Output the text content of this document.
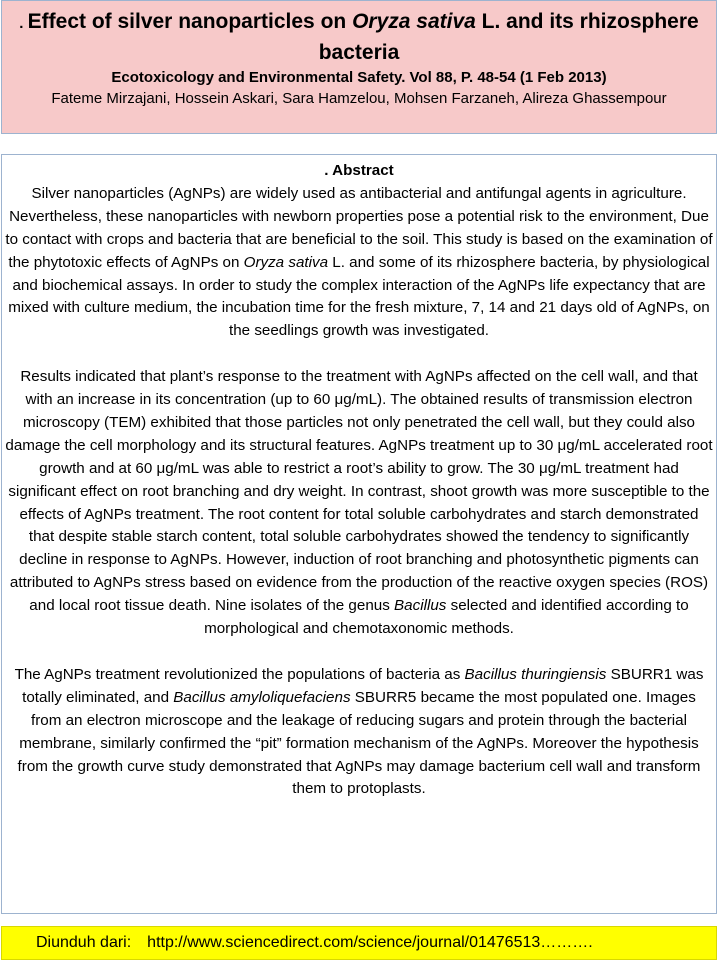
. Effect of silver nanoparticles on Oryza sativa L. and its rhizosphere bacteria
Ecotoxicology and Environmental Safety. Vol 88, P. 48-54 (1 Feb 2013)
Fateme Mirzajani, Hossein Askari, Sara Hamzelou, Mohsen Farzaneh, Alireza Ghassempour

. Abstract

Silver nanoparticles (AgNPs) are widely used as antibacterial and antifungal agents in agriculture. Nevertheless, these nanoparticles with newborn properties pose a potential risk to the environment, Due to contact with crops and bacteria that are beneficial to the soil. This study is based on the examination of the phytotoxic effects of AgNPs on Oryza sativa L. and some of its rhizosphere bacteria, by physiological and biochemical assays. In order to study the complex interaction of the AgNPs life expectancy that are mixed with culture medium, the incubation time for the fresh mixture, 7, 14 and 21 days old of AgNPs, on the seedlings growth was investigated.

Results indicated that plant’s response to the treatment with AgNPs affected on the cell wall, and that with an increase in its concentration (up to 60 μg/mL). The obtained results of transmission electron microscopy (TEM) exhibited that those particles not only penetrated the cell wall, but they could also damage the cell morphology and its structural features. AgNPs treatment up to 30 μg/mL accelerated root growth and at 60 μg/mL was able to restrict a root’s ability to grow. The 30 μg/mL treatment had significant effect on root branching and dry weight. In contrast, shoot growth was more susceptible to the effects of AgNPs treatment. The root content for total soluble carbohydrates and starch demonstrated that despite stable starch content, total soluble carbohydrates showed the tendency to significantly decline in response to AgNPs. However, induction of root branching and photosynthetic pigments can attributed to AgNPs stress based on evidence from the production of the reactive oxygen species (ROS) and local root tissue death. Nine isolates of the genus Bacillus selected and identified according to morphological and chemotaxonomic methods.

The AgNPs treatment revolutionized the populations of bacteria as Bacillus thuringiensis SBURR1 was totally eliminated, and Bacillus amyloliquefaciens SBURR5 became the most populated one. Images from an electron microscope and the leakage of reducing sugars and protein through the bacterial membrane, similarly confirmed the “pit” formation mechanism of the AgNPs. Moreover the hypothesis from the growth curve study demonstrated that AgNPs may damage bacterium cell wall and transform them to protoplasts.

Diunduh dari: http://www.sciencedirect.com/science/journal/01476513……….
